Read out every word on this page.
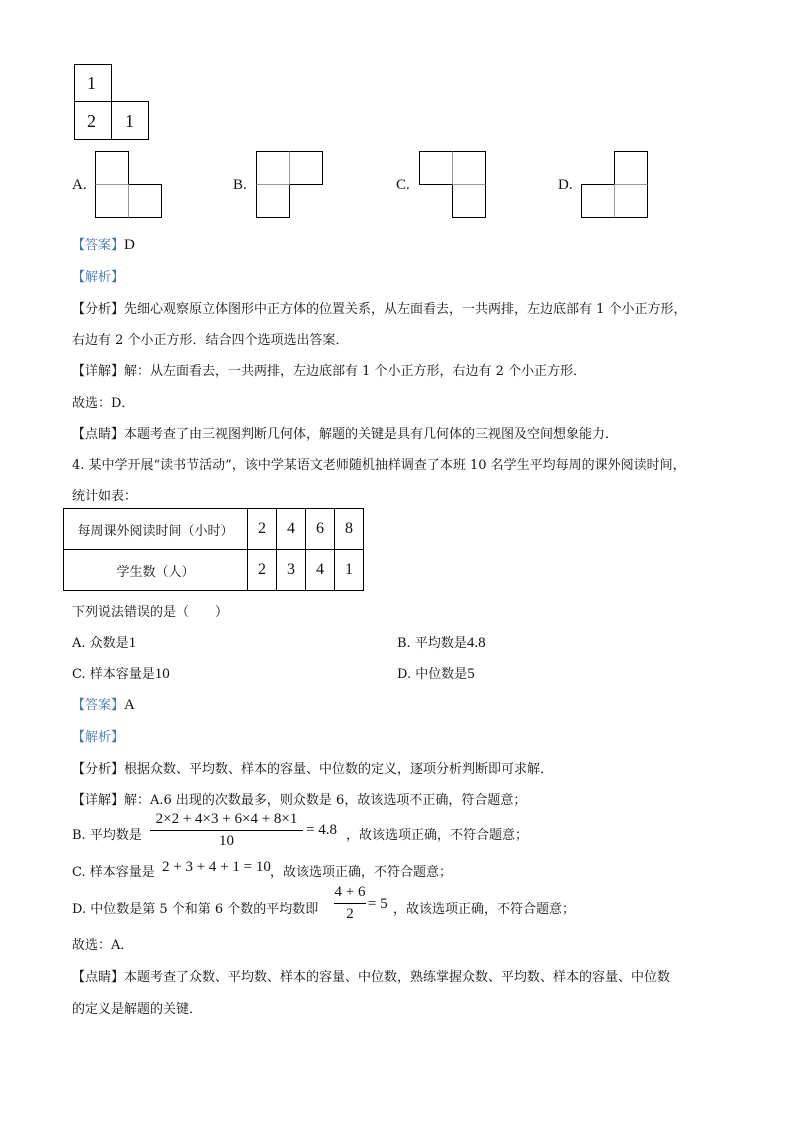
1
2 1
A.	B.	C.	D.
【答案】D
【解析】
【分析】先细心观察原立体图形中正方体的位置关系，从左面看去，一共两排，左边底部有 1 个小正方形，
右边有 2 个小正方形．结合四个选项选出答案．
【详解】解：从左面看去，一共两排，左边底部有 1 个小正方形，右边有 2 个小正方形．
故选：D．
【点睛】本题考查了由三视图判断几何体，解题的关键是具有几何体的三视图及空间想象能力．
4. 某中学开展“读书节活动”，该中学某语文老师随机抽样调查了本班 10 名学生平均每周的课外阅读时间，
统计如表：
每周课外阅读时间（小时）	2	4	6	8
学生数（人）	2	3	4	1
下列说法错误的是（　　）
A. 众数是1	B. 平均数是4.8
C. 样本容量是10	D. 中位数是5
【答案】A
【解析】
【分析】根据众数、平均数、样本的容量、中位数的定义，逐项分析判断即可求解．
【详解】解：A.6 出现的次数最多，则众数是 6，故该选项不正确，符合题意；
B. 平均数是
2×2 + 4×3 + 6×4 + 8×1
10
= 4.8 ，故该选项正确，不符合题意；
C. 样本容量是 2 + 3 + 4 + 1 = 10 ，故该选项正确，不符合题意；
D. 中位数是第 5 个和第 6 个数的平均数即
4 + 6
2
= 5 ，故该选项正确，不符合题意；
故选：A．
【点睛】本题考查了众数、平均数、样本的容量、中位数，熟练掌握众数、平均数、样本的容量、中位数
的定义是解题的关键．
